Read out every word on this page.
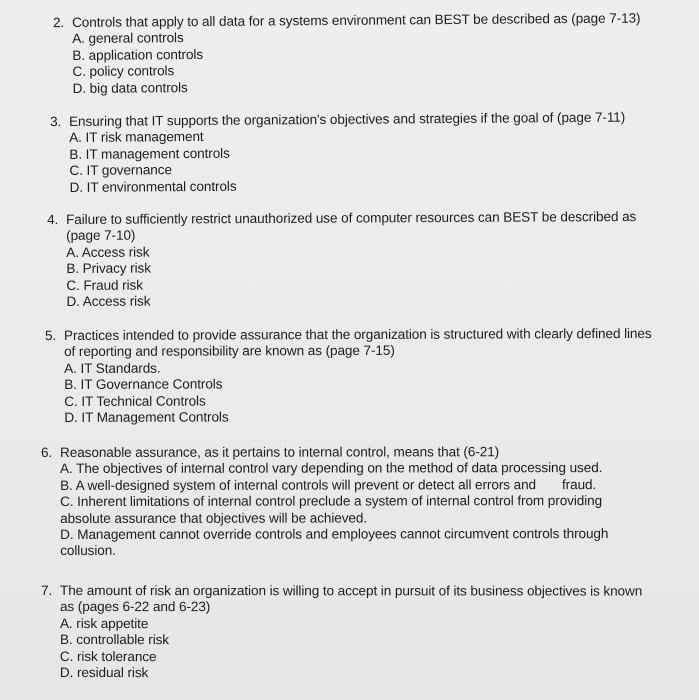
2. Controls that apply to all data for a systems environment can BEST be described as (page 7-13)
A. general controls
B. application controls
C. policy controls
D. big data controls
3. Ensuring that IT supports the organization's objectives and strategies if the goal of (page 7-11)
A. IT risk management
B. IT management controls
C. IT governance
D. IT environmental controls
4. Failure to sufficiently restrict unauthorized use of computer resources can BEST be described as
(page 7-10)
A. Access risk
B. Privacy risk
C. Fraud risk
D. Access risk
5. Practices intended to provide assurance that the organization is structured with clearly defined lines
of reporting and responsibility are known as (page 7-15)
A. IT Standards.
B. IT Governance Controls
C. IT Technical Controls
D. IT Management Controls
6. Reasonable assurance, as it pertains to internal control, means that (6-21)
A. The objectives of internal control vary depending on the method of data processing used.
B. A well-designed system of internal controls will prevent or detect all errors and fraud.
C. Inherent limitations of internal control preclude a system of internal control from providing
absolute assurance that objectives will be achieved.
D. Management cannot override controls and employees cannot circumvent controls through
collusion.
7. The amount of risk an organization is willing to accept in pursuit of its business objectives is known
as (pages 6-22 and 6-23)
A. risk appetite
B. controllable risk
C. risk tolerance
D. residual risk
